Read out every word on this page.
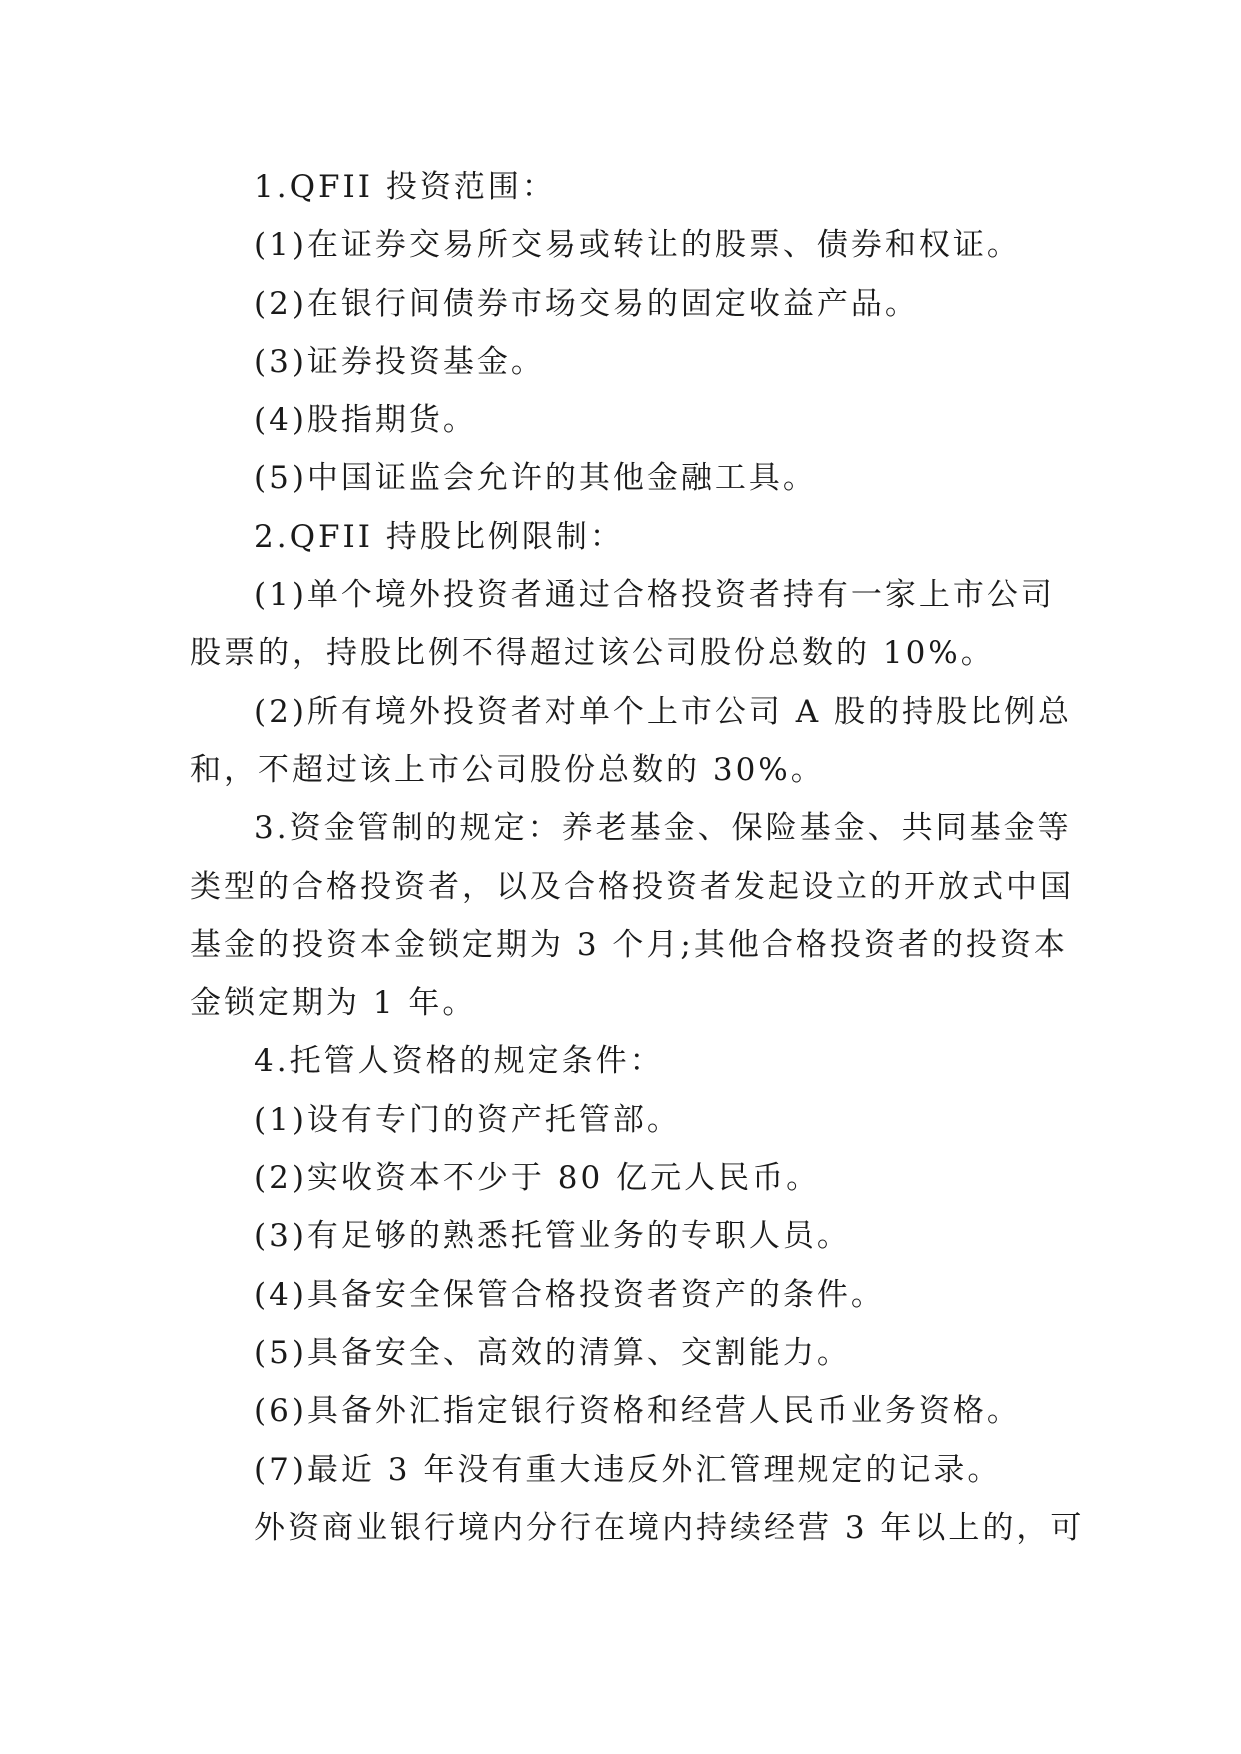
1.QFII 投资范围：
(1)在证券交易所交易或转让的股票、债券和权证。
(2)在银行间债券市场交易的固定收益产品。
(3)证券投资基金。
(4)股指期货。
(5)中国证监会允许的其他金融工具。
2.QFII 持股比例限制：
(1)单个境外投资者通过合格投资者持有一家上市公司
股票的，持股比例不得超过该公司股份总数的 10%。
(2)所有境外投资者对单个上市公司 A 股的持股比例总
和，不超过该上市公司股份总数的 30%。
3.资金管制的规定：养老基金、保险基金、共同基金等
类型的合格投资者，以及合格投资者发起设立的开放式中国
基金的投资本金锁定期为 3 个月;其他合格投资者的投资本
金锁定期为 1 年。
4.托管人资格的规定条件：
(1)设有专门的资产托管部。
(2)实收资本不少于 80 亿元人民币。
(3)有足够的熟悉托管业务的专职人员。
(4)具备安全保管合格投资者资产的条件。
(5)具备安全、高效的清算、交割能力。
(6)具备外汇指定银行资格和经营人民币业务资格。
(7)最近 3 年没有重大违反外汇管理规定的记录。
外资商业银行境内分行在境内持续经营 3 年以上的，可
